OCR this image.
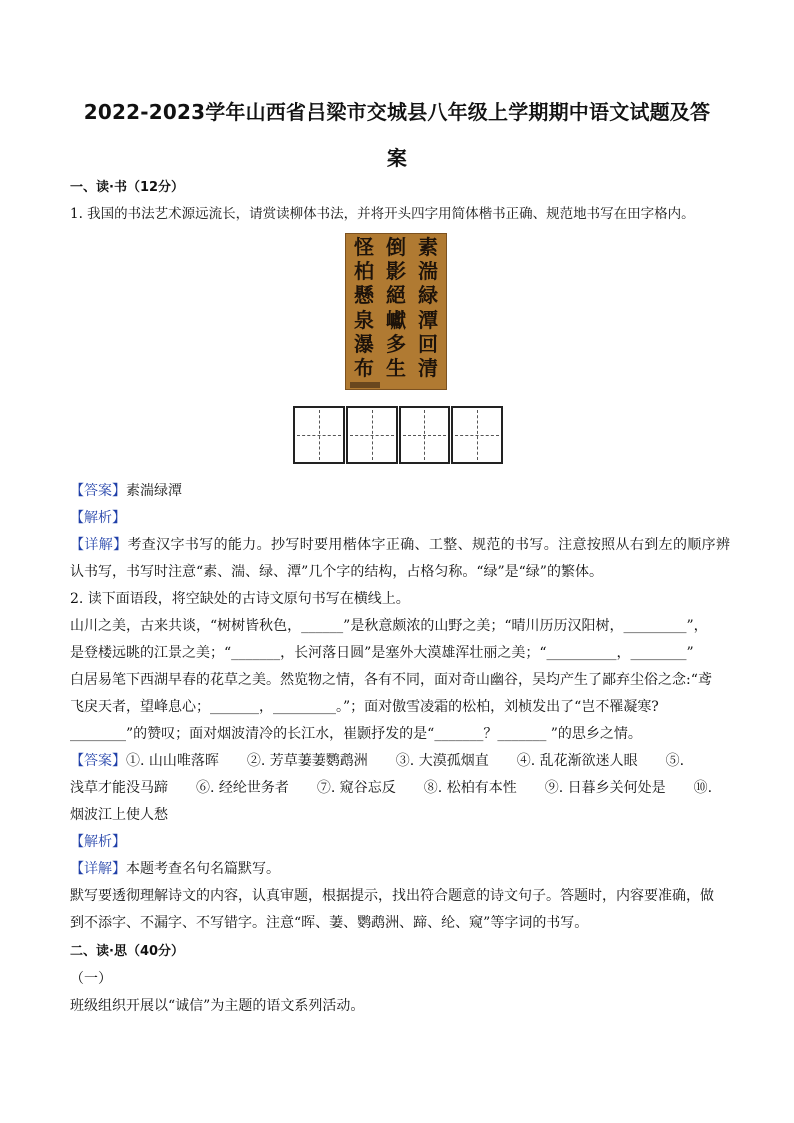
2022-2023学年山西省吕梁市交城县八年级上学期期中语文试题及答
案
一、读·书（12分）
1. 我国的书法艺术源远流长，请赏读柳体书法，并将开头四字用简体楷书正确、规范地书写在田字格内。
素
湍
緑
潭
回
清
倒
影
絕
巘
多
生
怪
柏
懸
泉
瀑
布
【答案】素湍绿潭
【解析】
【详解】考查汉字书写的能力。抄写时要用楷体字正确、工整、规范的书写。注意按照从右到左的顺序辨
认书写，书写时注意“素、湍、绿、潭”几个字的结构，占格匀称。“绿”是“绿”的繁体。
2. 读下面语段，将空缺处的古诗文原句书写在横线上。
山川之美，古来共谈，“树树皆秋色，______”是秋意颇浓的山野之美；“晴川历历汉阳树，_________”，
是登楼远眺的江景之美；“_______，长河落日圆”是塞外大漠雄浑壮丽之美；“__________，________”
白居易笔下西湖早春的花草之美。然览物之情，各有不同，面对奇山幽谷，吴均产生了鄙弃尘俗之念:“鸢
飞戾天者，望峰息心；_______，_________。”；面对傲雪凌霜的松柏，刘桢发出了“岂不罹凝寒?
________”的赞叹；面对烟波清冷的长江水，崔颢抒发的是“_______？_______ ”的思乡之情。
【答案】①. 山山唯落晖　　②. 芳草萋萋鹦鹉洲　　③. 大漠孤烟直　　④. 乱花渐欲迷人眼　　⑤.
浅草才能没马蹄　　⑥. 经纶世务者　　⑦. 窥谷忘反　　⑧. 松柏有本性　　⑨. 日暮乡关何处是　　⑩.
烟波江上使人愁
【解析】
【详解】本题考查名句名篇默写。
默写要透彻理解诗文的内容，认真审题，根据提示，找出符合题意的诗文句子。答题时，内容要准确，做
到不添字、不漏字、不写错字。注意“晖、萋、鹦鹉洲、蹄、纶、窥”等字词的书写。
二、读·思（40分）
（一）
班级组织开展以“诚信”为主题的语文系列活动。
